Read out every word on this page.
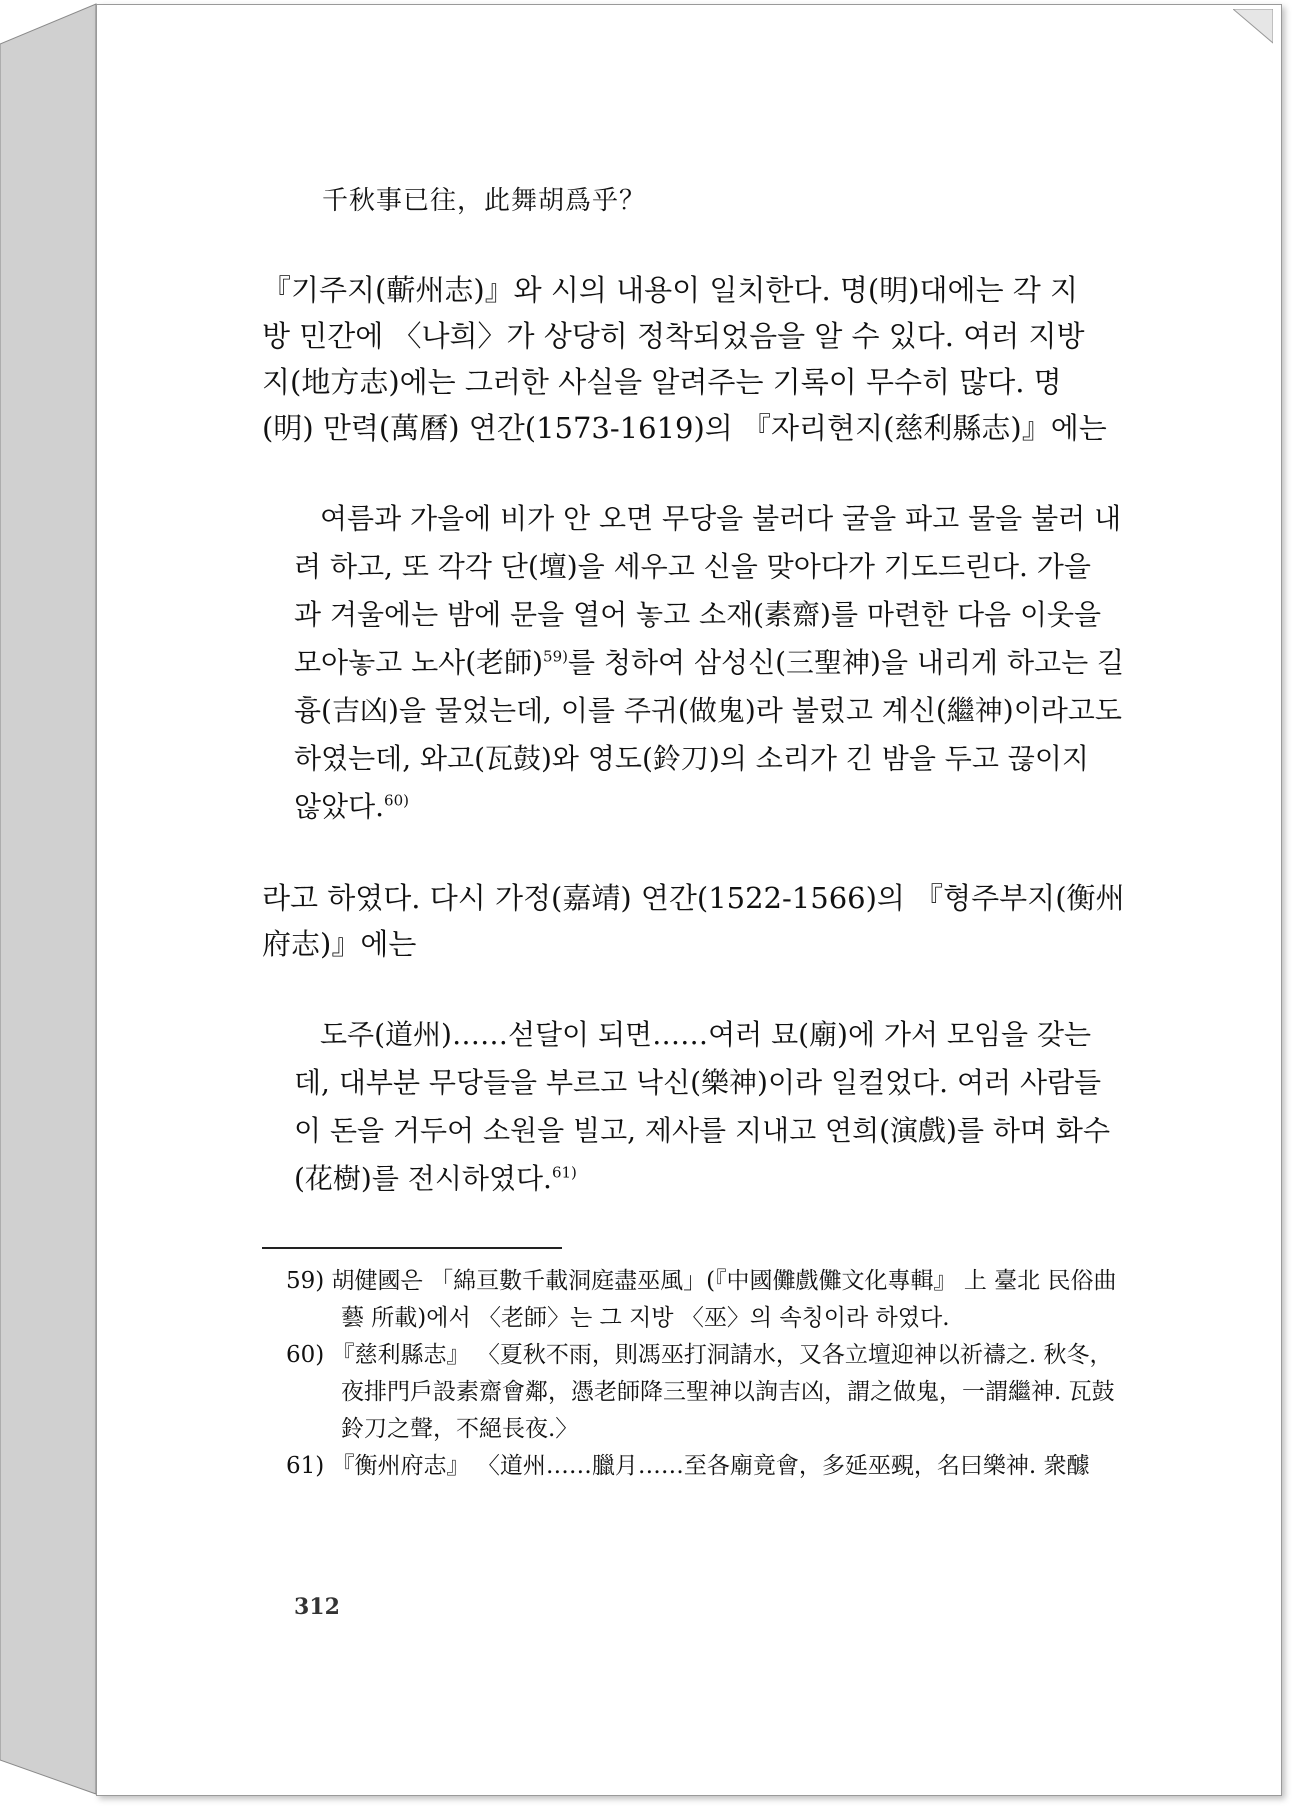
千秋事已往，此舞胡爲乎？
『기주지(蘄州志)』와 시의 내용이 일치한다. 명(明)대에는 각 지
방 민간에 〈나희〉가 상당히 정착되었음을 알 수 있다. 여러 지방
지(地方志)에는 그러한 사실을 알려주는 기록이 무수히 많다. 명
(明) 만력(萬曆) 연간(1573-1619)의 『자리현지(慈利縣志)』에는
여름과 가을에 비가 안 오면 무당을 불러다 굴을 파고 물을 불러 내
려 하고, 또 각각 단(壇)을 세우고 신을 맞아다가 기도드린다. 가을
과 겨울에는 밤에 문을 열어 놓고 소재(素齋)를 마련한 다음 이웃을
모아놓고 노사(老師)$^{59)}$를 청하여 삼성신(三聖神)을 내리게 하고는 길
흉(吉凶)을 물었는데, 이를 주귀(做鬼)라 불렀고 계신(繼神)이라고도
하였는데, 와고(瓦鼓)와 영도(鈴刀)의 소리가 긴 밤을 두고 끊이지
않았다.$^{60)}$
라고 하였다. 다시 가정(嘉靖) 연간(1522-1566)의 『형주부지(衡州
府志)』에는
도주(道州)……섣달이 되면……여러 묘(廟)에 가서 모임을 갖는
데, 대부분 무당들을 부르고 낙신(樂神)이라 일컬었다. 여러 사람들
이 돈을 거두어 소원을 빌고, 제사를 지내고 연희(演戲)를 하며 화수
(花樹)를 전시하였다.$^{61)}$
59) 胡健國은 「綿亘數千載洞庭盡巫風」(『中國儺戲儺文化專輯』 上 臺北 民俗曲
藝 所載)에서 〈老師〉는 그 지방 〈巫〉의 속칭이라 하였다.
60) 『慈利縣志』 〈夏秋不雨，則馮巫打洞請水，又各立壇迎神以祈禱之. 秋冬，
夜排門戶設素齋會鄰，憑老師降三聖神以詢吉凶，謂之做鬼，一謂繼神. 瓦鼓
鈴刀之聲，不絕長夜.〉
61) 『衡州府志』 〈道州……臘月……至各廟竟會，多延巫覡，名曰樂神. 衆醵
312
